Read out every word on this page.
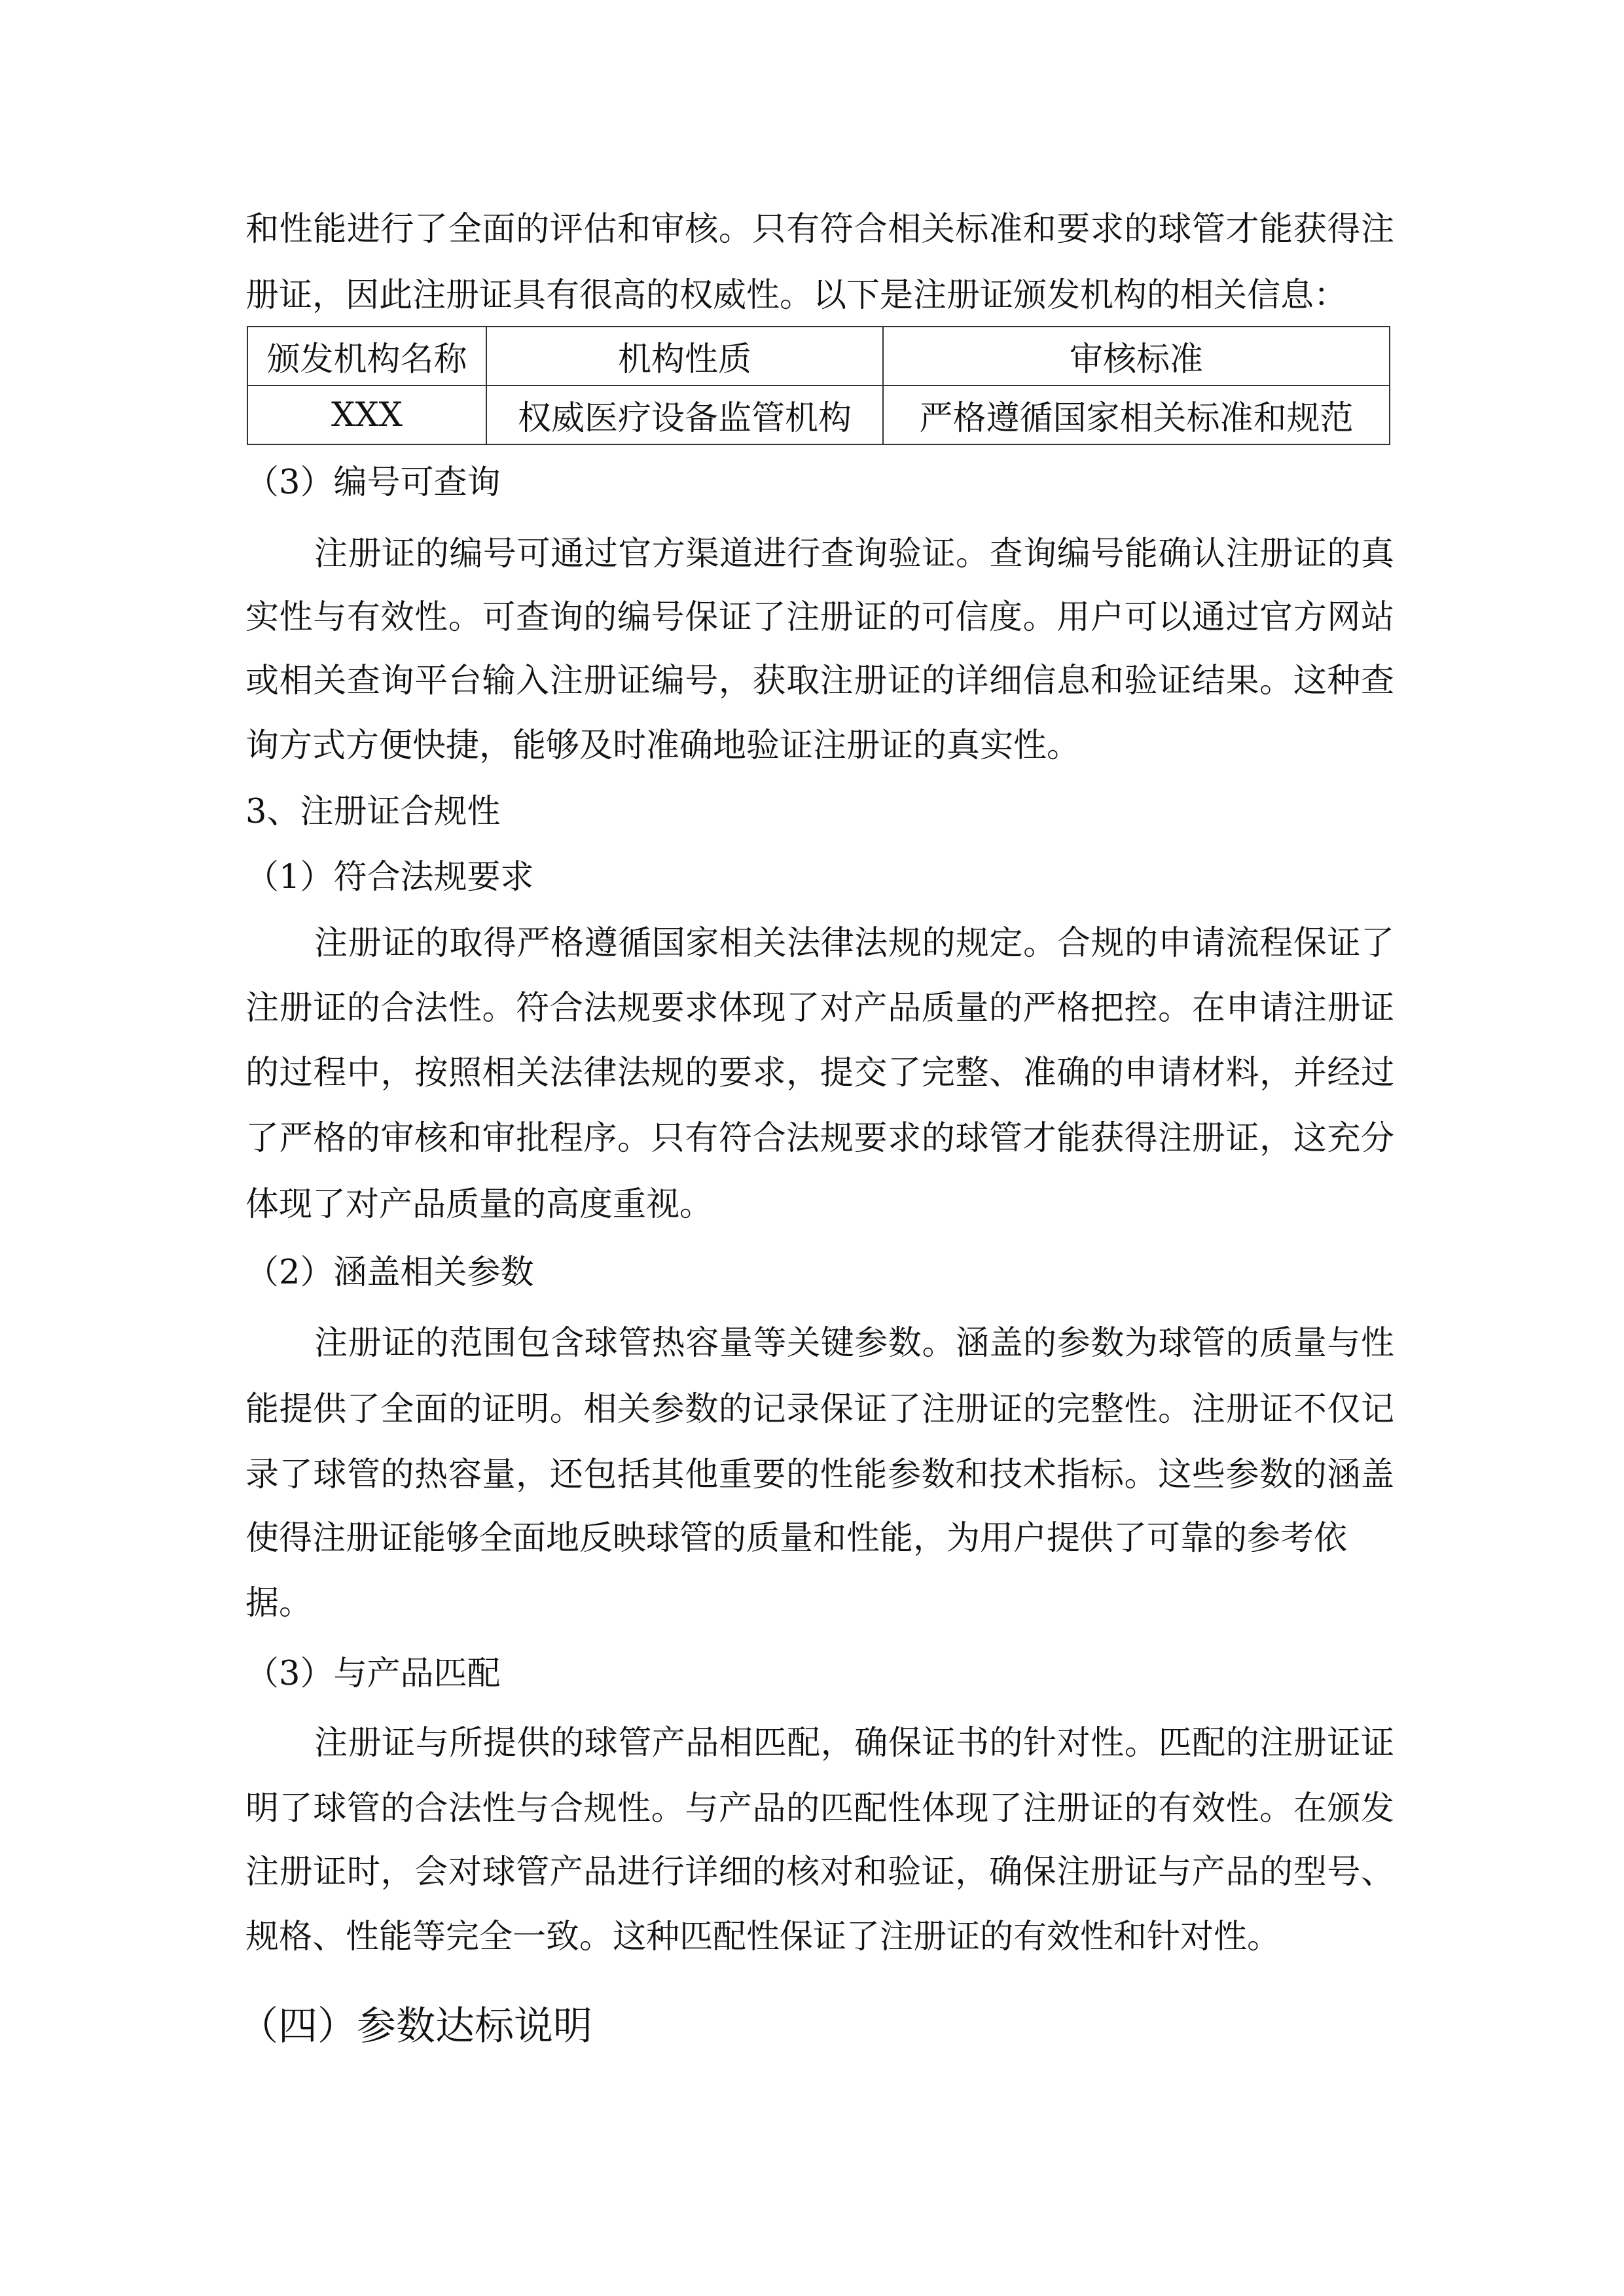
和性能进行了全面的评估和审核。只有符合相关标准和要求的球管才能获得注
册证，因此注册证具有很高的权威性。以下是注册证颁发机构的相关信息：
颁发机构名称	机构性质	审核标准
XXX	权威医疗设备监管机构	严格遵循国家相关标准和规范
（3）编号可查询
注册证的编号可通过官方渠道进行查询验证。查询编号能确认注册证的真
实性与有效性。可查询的编号保证了注册证的可信度。用户可以通过官方网站
或相关查询平台输入注册证编号，获取注册证的详细信息和验证结果。这种查
询方式方便快捷，能够及时准确地验证注册证的真实性。
3、注册证合规性
（1）符合法规要求
注册证的取得严格遵循国家相关法律法规的规定。合规的申请流程保证了
注册证的合法性。符合法规要求体现了对产品质量的严格把控。在申请注册证
的过程中，按照相关法律法规的要求，提交了完整、准确的申请材料，并经过
了严格的审核和审批程序。只有符合法规要求的球管才能获得注册证，这充分
体现了对产品质量的高度重视。
（2）涵盖相关参数
注册证的范围包含球管热容量等关键参数。涵盖的参数为球管的质量与性
能提供了全面的证明。相关参数的记录保证了注册证的完整性。注册证不仅记
录了球管的热容量，还包括其他重要的性能参数和技术指标。这些参数的涵盖
使得注册证能够全面地反映球管的质量和性能，为用户提供了可靠的参考依
据。
（3）与产品匹配
注册证与所提供的球管产品相匹配，确保证书的针对性。匹配的注册证证
明了球管的合法性与合规性。与产品的匹配性体现了注册证的有效性。在颁发
注册证时，会对球管产品进行详细的核对和验证，确保注册证与产品的型号、
规格、性能等完全一致。这种匹配性保证了注册证的有效性和针对性。
（四）参数达标说明
